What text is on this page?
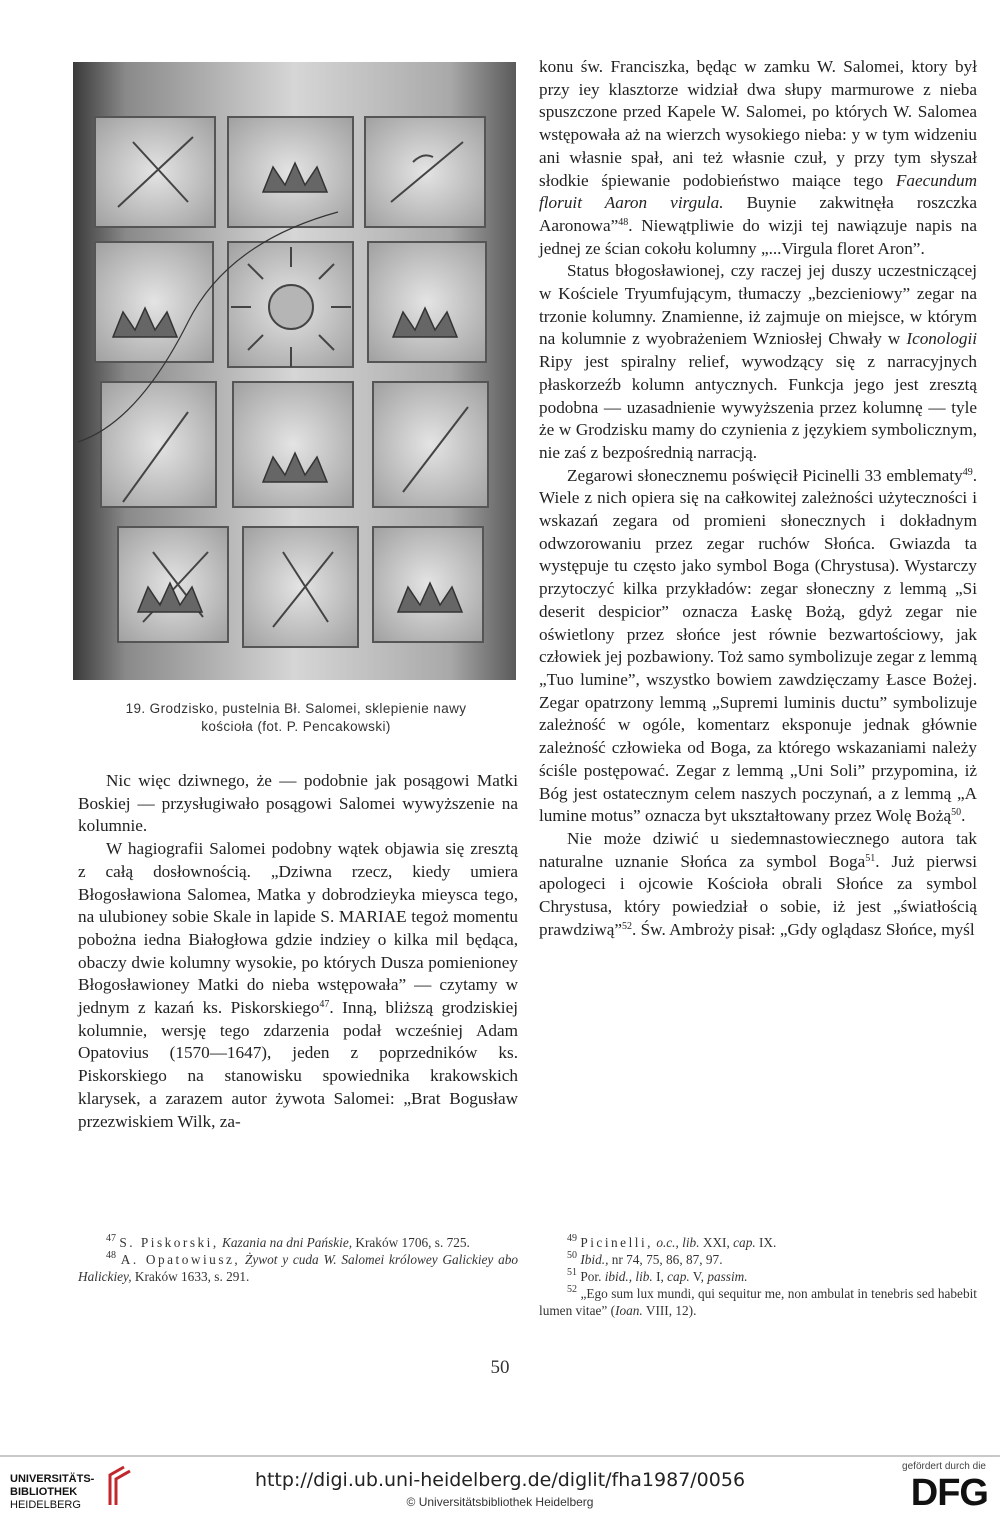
19. Grodzisko, pustelnia Bł. Salomei, sklepienie nawy
kościoła (fot. P. Pencakowski)

Nic więc dziwnego, że — podobnie jak posągowi Matki Boskiej — przysługiwało posągowi Salomei wywyższenie na kolumnie.

W hagiografii Salomei podobny wątek objawia się zresztą z całą dosłownością. „Dziwna rzecz, kiedy umiera Błogosławiona Salomea, Matka y dobrodzieyka mieysca tego, na ulubioney sobie Skale in lapide S. MARIAE tegoż momentu pobożna iedna Białogłowa gdzie indziey o kilka mil będąca, obaczy dwie kolumny wysokie, po których Dusza pomienioney Błogosławioney Matki do nieba wstępowała” — czytamy w jednym z kazań ks. Piskorskiego$^{47}$. Inną, bliższą grodziskiej kolumnie, wersję tego zdarzenia podał wcześniej Adam Opatovius (1570—1647), jeden z poprzedników ks. Piskorskiego na stanowisku spowiednika krakowskich klarysek, a zarazem autor żywota Salomei: „Brat Bogusław przezwiskiem Wilk, za-

konu św. Franciszka, będąc w zamku W. Salomei, ktory był przy iey klasztorze widział dwa słupy marmurowe z nieba spuszczone przed Kapele W. Salomei, po których W. Salomea wstępowała aż na wierzch wysokiego nieba: y w tym widzeniu ani własnie spał, ani też własnie czuł, y przy tym słyszał słodkie śpiewanie podobieństwo maiące tego Faecundum floruit Aaron virgula. Buynie zakwitnęła roszczka Aaronowa”$^{48}$. Niewątpliwie do wizji tej nawiązuje napis na jednej ze ścian cokołu kolumny „...Virgula floret Aron”.

Status błogosławionej, czy raczej jej duszy uczestniczącej w Kościele Tryumfującym, tłumaczy „bezcieniowy” zegar na trzonie kolumny. Znamienne, iż zajmuje on miejsce, w którym na kolumnie z wyobrażeniem Wzniosłej Chwały w Iconologii Ripy jest spiralny relief, wywodzący się z narracyjnych płaskorzeźb kolumn antycznych. Funkcja jego jest zresztą podobna — uzasadnienie wywyższenia przez kolumnę — tyle że w Grodzisku mamy do czynienia z językiem symbolicznym, nie zaś z bezpośrednią narracją.

Zegarowi słonecznemu poświęcił Picinelli 33 emblematy$^{49}$. Wiele z nich opiera się na całkowitej zależności użyteczności i wskazań zegara od promieni słonecznych i dokładnym odwzorowaniu przez zegar ruchów Słońca. Gwiazda ta występuje tu często jako symbol Boga (Chrystusa). Wystarczy przytoczyć kilka przykładów: zegar słoneczny z lemmą „Si deserit despicior” oznacza Łaskę Bożą, gdyż zegar nie oświetlony przez słońce jest równie bezwartościowy, jak człowiek jej pozbawiony. Toż samo symbolizuje zegar z lemmą „Tuo lumine”, wszystko bowiem zawdzięczamy Łasce Bożej. Zegar opatrzony lemmą „Supremi luminis ductu” symbolizuje zależność w ogóle, komentarz eksponuje jednak głównie zależność człowieka od Boga, za którego wskazaniami należy ściśle postępować. Zegar z lemmą „Uni Soli” przypomina, iż Bóg jest ostatecznym celem naszych poczynań, a z lemmą „A lumine motus” oznacza byt ukształtowany przez Wolę Bożą$^{50}$.

Nie może dziwić u siedemnastowiecznego autora tak naturalne uznanie Słońca za symbol Boga$^{51}$. Już pierwsi apologeci i ojcowie Kościoła obrali Słońce za symbol Chrystusa, który powiedział o sobie, iż jest „światłością prawdziwą”$^{52}$. Św. Ambroży pisał: „Gdy oglądasz Słońce, myśl

$^{47}$ S. Piskorski, Kazania na dni Pańskie, Kraków 1706, s. 725.

$^{48}$ A. Opatowiusz, Żywot y cuda W. Salomei królowey Galickiey abo Halickiey, Kraków 1633, s. 291.

$^{49}$ Picinelli, o.c., lib. XXI, cap. IX.

$^{50}$ Ibid., nr 74, 75, 86, 87, 97.

$^{51}$ Por. ibid., lib. I, cap. V, passim.

$^{52}$ „Ego sum lux mundi, qui sequitur me, non ambulat in tenebris sed habebit lumen vitae” (Ioan. VIII, 12).

50
UNIVERSITÄTS-
BIBLIOTHEK
HEIDELBERG
http://digi.ub.uni-heidelberg.de/diglit/fha1987/0056
© Universitätsbibliothek Heidelberg
gefördert durch die
DFG
